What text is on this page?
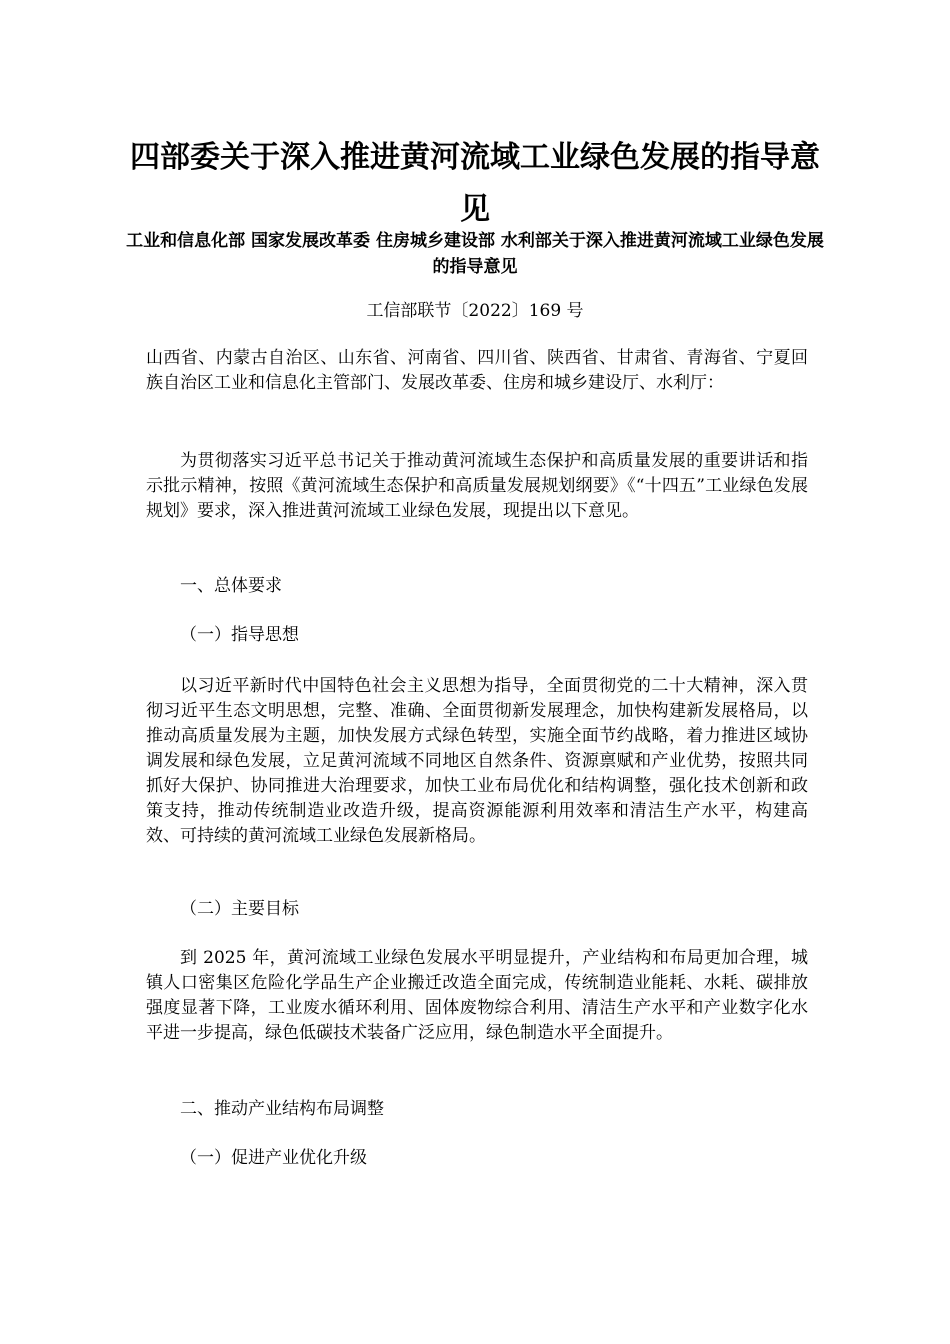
四部委关于深入推进黄河流域工业绿色发展的指导意见
工业和信息化部 国家发展改革委 住房城乡建设部 水利部关于深入推进黄河流域工业绿色发展的指导意见
工信部联节〔2022〕169 号
山西省、内蒙古自治区、山东省、河南省、四川省、陕西省、甘肃省、青海省、宁夏回族自治区工业和信息化主管部门、发展改革委、住房和城乡建设厅、水利厅：
为贯彻落实习近平总书记关于推动黄河流域生态保护和高质量发展的重要讲话和指示批示精神，按照《黄河流域生态保护和高质量发展规划纲要》《“十四五”工业绿色发展规划》要求，深入推进黄河流域工业绿色发展，现提出以下意见。
一、总体要求
（一）指导思想
以习近平新时代中国特色社会主义思想为指导，全面贯彻党的二十大精神，深入贯彻习近平生态文明思想，完整、准确、全面贯彻新发展理念，加快构建新发展格局，以推动高质量发展为主题，加快发展方式绿色转型，实施全面节约战略，着力推进区域协调发展和绿色发展，立足黄河流域不同地区自然条件、资源禀赋和产业优势，按照共同抓好大保护、协同推进大治理要求，加快工业布局优化和结构调整，强化技术创新和政策支持，推动传统制造业改造升级，提高资源能源利用效率和清洁生产水平，构建高效、可持续的黄河流域工业绿色发展新格局。
（二）主要目标
到 2025 年，黄河流域工业绿色发展水平明显提升，产业结构和布局更加合理，城镇人口密集区危险化学品生产企业搬迁改造全面完成，传统制造业能耗、水耗、碳排放强度显著下降，工业废水循环利用、固体废物综合利用、清洁生产水平和产业数字化水平进一步提高，绿色低碳技术装备广泛应用，绿色制造水平全面提升。
二、推动产业结构布局调整
（一）促进产业优化升级
